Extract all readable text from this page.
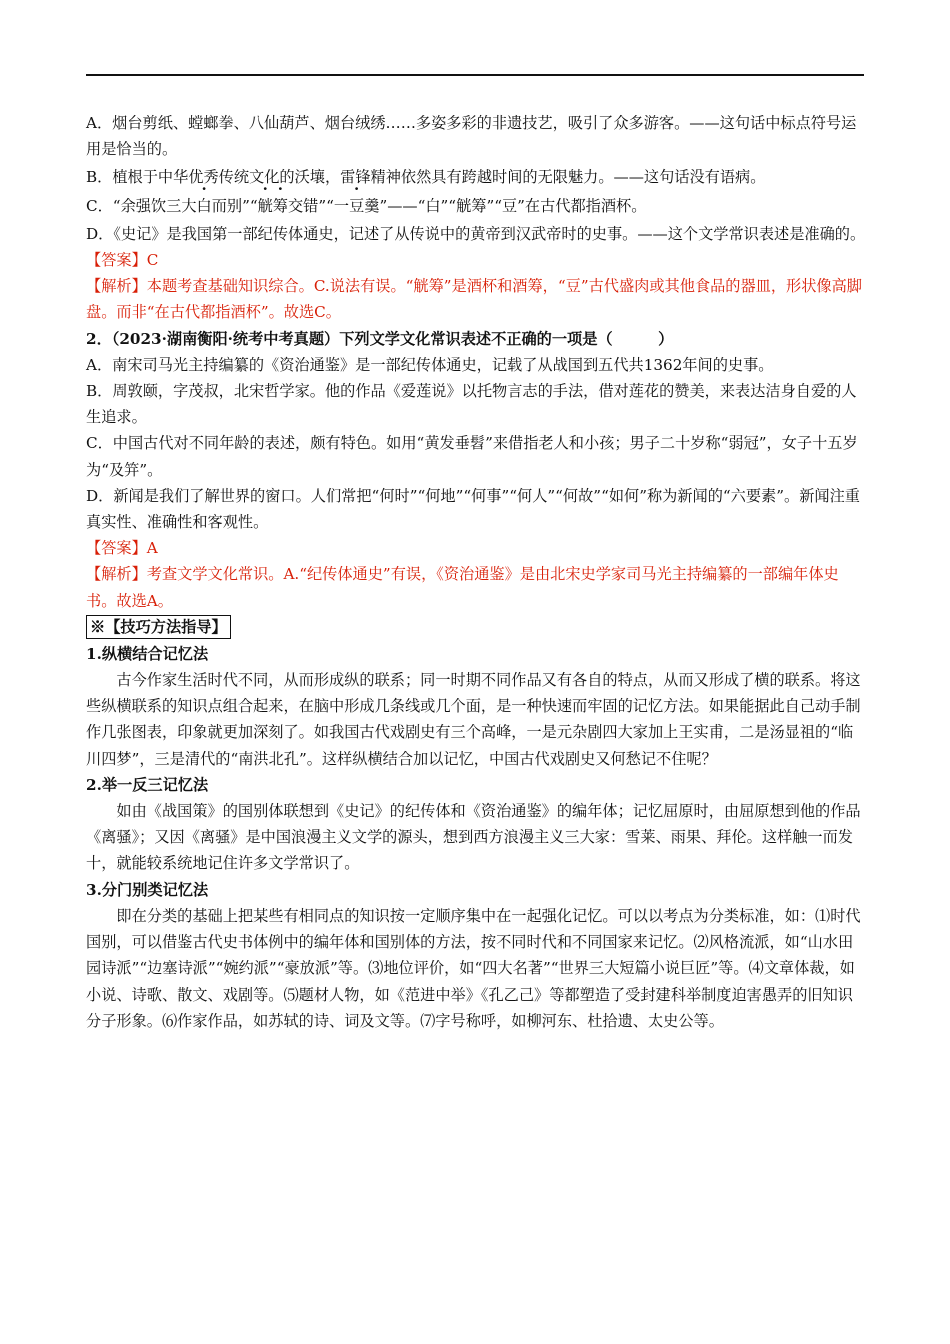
A．烟台剪纸、螳螂拳、八仙葫芦、烟台绒绣……多姿多彩的非遗技艺，吸引了众多游客。——这句话中标点符号运用是恰当的。

B．植根于中华优秀传统文化的沃壤，雷锋精神依然具有跨越时间的无限魅力。——这句话没有语病。

C．“余强饮三大白而别”“觥筹交错”“一豆羹”——“白”“觥筹”“豆”在古代都指酒杯。

D．《史记》是我国第一部纪传体通史，记述了从传说中的黄帝到汉武帝时的史事。——这个文学常识表述是准确的。

【答案】C

【解析】本题考查基础知识综合。C.说法有误。“觥筹”是酒杯和酒筹，“豆”古代盛肉或其他食品的器皿，形状像高脚盘。而非“在古代都指酒杯”。故选C。

2．（2023·湖南衡阳·统考中考真题）下列文学文化常识表述不正确的一项是（　　　）

A．南宋司马光主持编纂的《资治通鉴》是一部纪传体通史，记载了从战国到五代共1362年间的史事。

B．周敦颐，字茂叔，北宋哲学家。他的作品《爱莲说》以托物言志的手法，借对莲花的赞美，来表达洁身自爱的人生追求。

C．中国古代对不同年龄的表述，颇有特色。如用“黄发垂髫”来借指老人和小孩；男子二十岁称“弱冠”，女子十五岁为“及笄”。

D．新闻是我们了解世界的窗口。人们常把“何时”“何地”“何事”“何人”“何故”“如何”称为新闻的“六要素”。新闻注重真实性、准确性和客观性。

【答案】A

【解析】考查文学文化常识。A.“纪传体通史”有误，《资治通鉴》是由北宋史学家司马光主持编纂的一部编年体史书。故选A。

※【技巧方法指导】

1.纵横结合记忆法

古今作家生活时代不同，从而形成纵的联系；同一时期不同作品又有各自的特点，从而又形成了横的联系。将这些纵横联系的知识点组合起来，在脑中形成几条线或几个面，是一种快速而牢固的记忆方法。如果能据此自己动手制作几张图表，印象就更加深刻了。如我国古代戏剧史有三个高峰，一是元杂剧四大家加上王实甫，二是汤显祖的“临川四梦”，三是清代的“南洪北孔”。这样纵横结合加以记忆，中国古代戏剧史又何愁记不住呢？

2.举一反三记忆法

如由《战国策》的国别体联想到《史记》的纪传体和《资治通鉴》的编年体；记忆屈原时，由屈原想到他的作品《离骚》；又因《离骚》是中国浪漫主义文学的源头，想到西方浪漫主义三大家：雪莱、雨果、拜伦。这样触一而发十，就能较系统地记住许多文学常识了。

3.分门别类记忆法

即在分类的基础上把某些有相同点的知识按一定顺序集中在一起强化记忆。可以以考点为分类标准，如：⑴时代国别，可以借鉴古代史书体例中的编年体和国别体的方法，按不同时代和不同国家来记忆。⑵风格流派，如“山水田园诗派”“边塞诗派”“婉约派”“豪放派”等。⑶地位评价，如“四大名著”“世界三大短篇小说巨匠”等。⑷文章体裁，如小说、诗歌、散文、戏剧等。⑸题材人物，如《范进中举》《孔乙己》等都塑造了受封建科举制度迫害愚弄的旧知识分子形象。⑹作家作品，如苏轼的诗、词及文等。⑺字号称呼，如柳河东、杜拾遗、太史公等。
